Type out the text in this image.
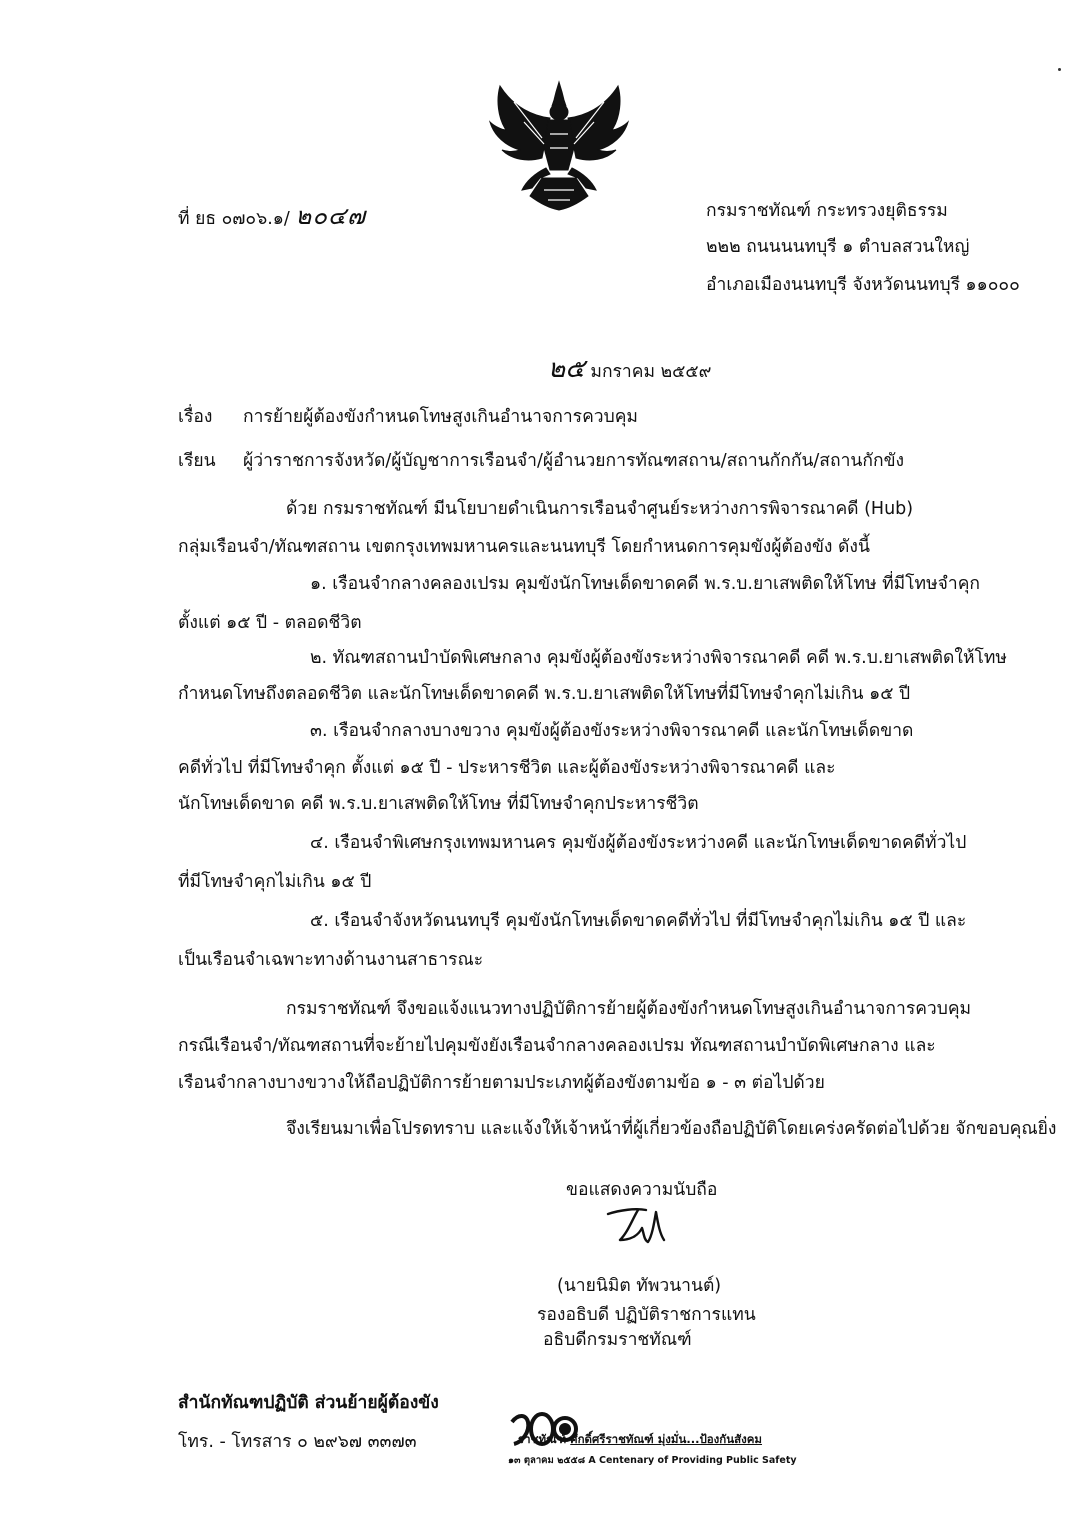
ที่ ยธ ๐๗๐๖.๑/ ๒๐๔๗	กรมราชทัณฑ์ กระทรวงยุติธรรม
๒๒๒ ถนนนนทบุรี ๑ ตำบลสวนใหญ่
อำเภอเมืองนนทบุรี จังหวัดนนทบุรี ๑๑๐๐๐
๒๕ มกราคม ๒๕๕๙
เรื่อง การย้ายผู้ต้องขังกำหนดโทษสูงเกินอำนาจการควบคุม
เรียน ผู้ว่าราชการจังหวัด/ผู้บัญชาการเรือนจำ/ผู้อำนวยการทัณฑสถาน/สถานกักกัน/สถานกักขัง
ด้วย กรมราชทัณฑ์ มีนโยบายดำเนินการเรือนจำศูนย์ระหว่างการพิจารณาคดี (Hub)
กลุ่มเรือนจำ/ทัณฑสถาน เขตกรุงเทพมหานครและนนทบุรี โดยกำหนดการคุมขังผู้ต้องขัง ดังนี้
๑. เรือนจำกลางคลองเปรม คุมขังนักโทษเด็ดขาดคดี พ.ร.บ.ยาเสพติดให้โทษ ที่มีโทษจำคุก
ตั้งแต่ ๑๕ ปี - ตลอดชีวิต
๒. ทัณฑสถานบำบัดพิเศษกลาง คุมขังผู้ต้องขังระหว่างพิจารณาคดี คดี พ.ร.บ.ยาเสพติดให้โทษ
กำหนดโทษถึงตลอดชีวิต และนักโทษเด็ดขาดคดี พ.ร.บ.ยาเสพติดให้โทษที่มีโทษจำคุกไม่เกิน ๑๕ ปี
๓. เรือนจำกลางบางขวาง คุมขังผู้ต้องขังระหว่างพิจารณาคดี และนักโทษเด็ดขาด
คดีทั่วไป ที่มีโทษจำคุก ตั้งแต่ ๑๕ ปี - ประหารชีวิต และผู้ต้องขังระหว่างพิจารณาคดี และ
นักโทษเด็ดขาด คดี พ.ร.บ.ยาเสพติดให้โทษ ที่มีโทษจำคุกประหารชีวิต
๔. เรือนจำพิเศษกรุงเทพมหานคร คุมขังผู้ต้องขังระหว่างคดี และนักโทษเด็ดขาดคดีทั่วไป
ที่มีโทษจำคุกไม่เกิน ๑๕ ปี
๕. เรือนจำจังหวัดนนทบุรี คุมขังนักโทษเด็ดขาดคดีทั่วไป ที่มีโทษจำคุกไม่เกิน ๑๕ ปี และ
เป็นเรือนจำเฉพาะทางด้านงานสาธารณะ
กรมราชทัณฑ์ จึงขอแจ้งแนวทางปฏิบัติการย้ายผู้ต้องขังกำหนดโทษสูงเกินอำนาจการควบคุม
กรณีเรือนจำ/ทัณฑสถานที่จะย้ายไปคุมขังยังเรือนจำกลางคลองเปรม ทัณฑสถานบำบัดพิเศษกลาง และ
เรือนจำกลางบางขวางให้ถือปฏิบัติการย้ายตามประเภทผู้ต้องขังตามข้อ ๑ - ๓ ต่อไปด้วย
จึงเรียนมาเพื่อโปรดทราบ และแจ้งให้เจ้าหน้าที่ผู้เกี่ยวข้องถือปฏิบัติโดยเคร่งครัดต่อไปด้วย จักขอบคุณยิ่ง
ขอแสดงความนับถือ
(นายนิมิต ทัพวนานต์)
รองอธิบดี ปฏิบัติราชการแทน
อธิบดีกรมราชทัณฑ์
สำนักทัณฑปฏิบัติ ส่วนย้ายผู้ต้องขัง
โทร. - โทรสาร ๐ ๒๙๖๗ ๓๓๗๓	ราชทัณฑ์ ศักดิ์ศรีราชทัณฑ์ มุ่งมั่น...ป้องกันสังคม
๑๓ ตุลาคม ๒๕๕๘ A Centenary of Providing Public Safety
